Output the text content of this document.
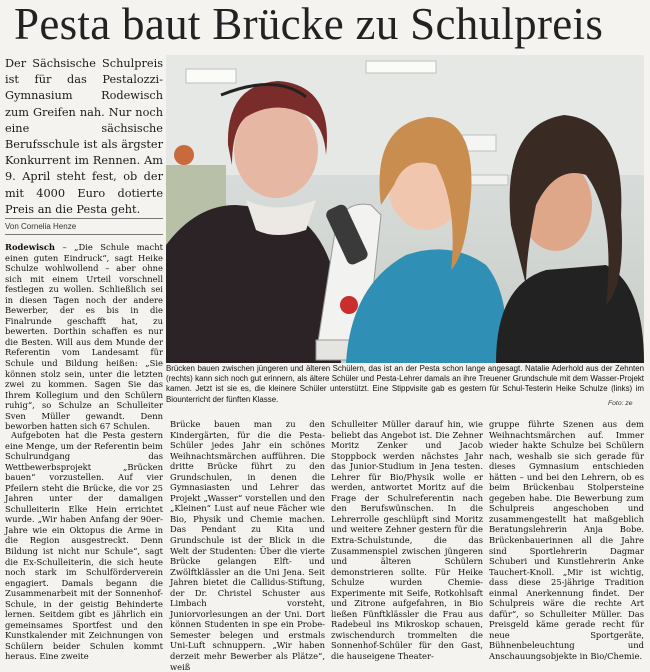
Pesta baut Brücke zu Schulpreis
Der Sächsische Schulpreis ist für das Pestalozzi-Gymnasium Rodewisch zum Greifen nah. Nur noch eine sächsische Berufsschule ist als ärgster Konkurrent im Rennen. Am 9. April steht fest, ob der mit 4000 Euro dotierte Preis an die Pesta geht.
Von Cornelia Henze
Brücken bauen zwischen jüngeren und älteren Schülern, das ist an der Pesta schon lange angesagt. Natalie Aderhold aus der Zehnten (rechts) kann sich noch gut erinnern, als ältere Schüler und Pesta-Lehrer damals an ihre Treuener Grundschule mit dem Wasser-Projekt kamen. Jetzt ist sie es, die kleinere Schüler unterstützt. Eine Stippvisite gab es gestern für Schul-Testerin Heike Schulze (links) im Biounterricht der fünften Klasse.	Foto: ze

Rodewisch – „Die Schule macht einen guten Eindruck“, sagt Heike Schulze wohlwollend – aber ohne sich mit einem Urteil vorschnell festlegen zu wollen. Schließlich sei in diesen Tagen noch der andere Bewerber, der es bis in die Finalrunde geschafft hat, zu bewerten. Dorthin schaffen es nur die Besten. Will aus dem Munde der Referentin vom Landesamt für Schule und Bildung heißen: „Sie können stolz sein, unter die letzten zwei zu kommen. Sagen Sie das Ihrem Kollegium und den Schülern ruhig“, so Schulze an Schulleiter Sven Müller gewandt. Denn beworben hatten sich 67 Schulen.

Aufgeboten hat die Pesta gestern eine Menge, um der Referentin beim Schulrundgang das Wettbewerbsprojekt „Brücken bauen“ vorzustellen. Auf vier Pfeilern steht die Brücke, die vor 25 Jahren unter der damaligen Schulleiterin Elke Hein errichtet wurde. „Wir haben Anfang der 90er-Jahre wie ein Oktopus die Arme in die Region ausgestreckt. Denn Bildung ist nicht nur Schule“, sagt die Ex-Schulleiterin, die sich heute noch stark im Schulförderverein engagiert. Damals begann die Zusammenarbeit mit der Sonnenhof-Schule, in der geistig Behinderte lernen. Seitdem gibt es jährlich ein gemeinsames Sportfest und den Kunstkalender mit Zeichnungen von Schülern beider Schulen kommt heraus. Eine zweite

Brücke bauen man zu den Kindergärten, für die die Pesta-Schüler jedes Jahr ein schönes Weihnachtsmärchen aufführen. Die dritte Brücke führt zu den Grundschulen, in denen die Gymnasiasten und Lehrer das Projekt „Wasser“ vorstellen und den „Kleinen“ Lust auf neue Fächer wie Bio, Physik und Chemie machen. Das Pendant zu Kita und Grundschule ist der Blick in die Welt der Studenten: Über die vierte Brücke gelangen Elft- und Zwölftklässler an die Uni Jena. Seit Jahren bietet die Callidus-Stiftung, der Dr. Christel Schuster aus Limbach vorsteht, Juniorvorlesungen an der Uni. Dort können Studenten in spe ein Probe-Semester belegen und erstmals Uni-Luft schnuppern. „Wir haben derzeit mehr Bewerber als Plätze“, weiß

Schulleiter Müller darauf hin, wie beliebt das Angebot ist. Die Zehner Moritz Zenker und Jacob Stoppbock werden nächstes Jahr das Junior-Studium in Jena testen. Lehrer für Bio/Physik wolle er werden, antwortet Moritz auf die Frage der Schulreferentin nach den Berufswünschen. In die Lehrerrolle geschlüpft sind Moritz und weitere Zehner gestern für die Extra-Schulstunde, die das Zusammenspiel zwischen jüngeren und älteren Schülern demonstrieren sollte. Für Heike Schulze wurden Chemie-Experimente mit Seife, Rotkohlsaft und Zitrone aufgefahren, in Bio ließen Fünftklässler die Frau aus Radebeul ins Mikroskop schauen, zwischendurch trommelten die Sonnenhof-Schüler für den Gast, die hauseigene Theater-

gruppe führte Szenen aus dem Weihnachtsmärchen auf. Immer wieder hakte Schulze bei Schülern nach, weshalb sie sich gerade für dieses Gymnasium entschieden hätten – und bei den Lehrern, ob es beim Brückenbau Stolpersteine gegeben habe. Die Bewerbung zum Schulpreis angeschoben und zusammengestellt hat maßgeblich Beratungslehrerin Anja Bobe. Brückenbauerinnen all die Jahre sind Sportlehrerin Dagmar Schuberi und Kunstlehrerin Anke Tauchert-Knoll. „Mir ist wichtig, dass diese 25-jährige Tradition einmal Anerkennung findet. Der Schulpreis wäre die rechte Art dafür“, so Schulleiter Müller. Das Preisgeld käme gerade recht für neue Sportgeräte, Bühnenbeleuchtung und Anschauungsobjekte in Bio/Chemie.
